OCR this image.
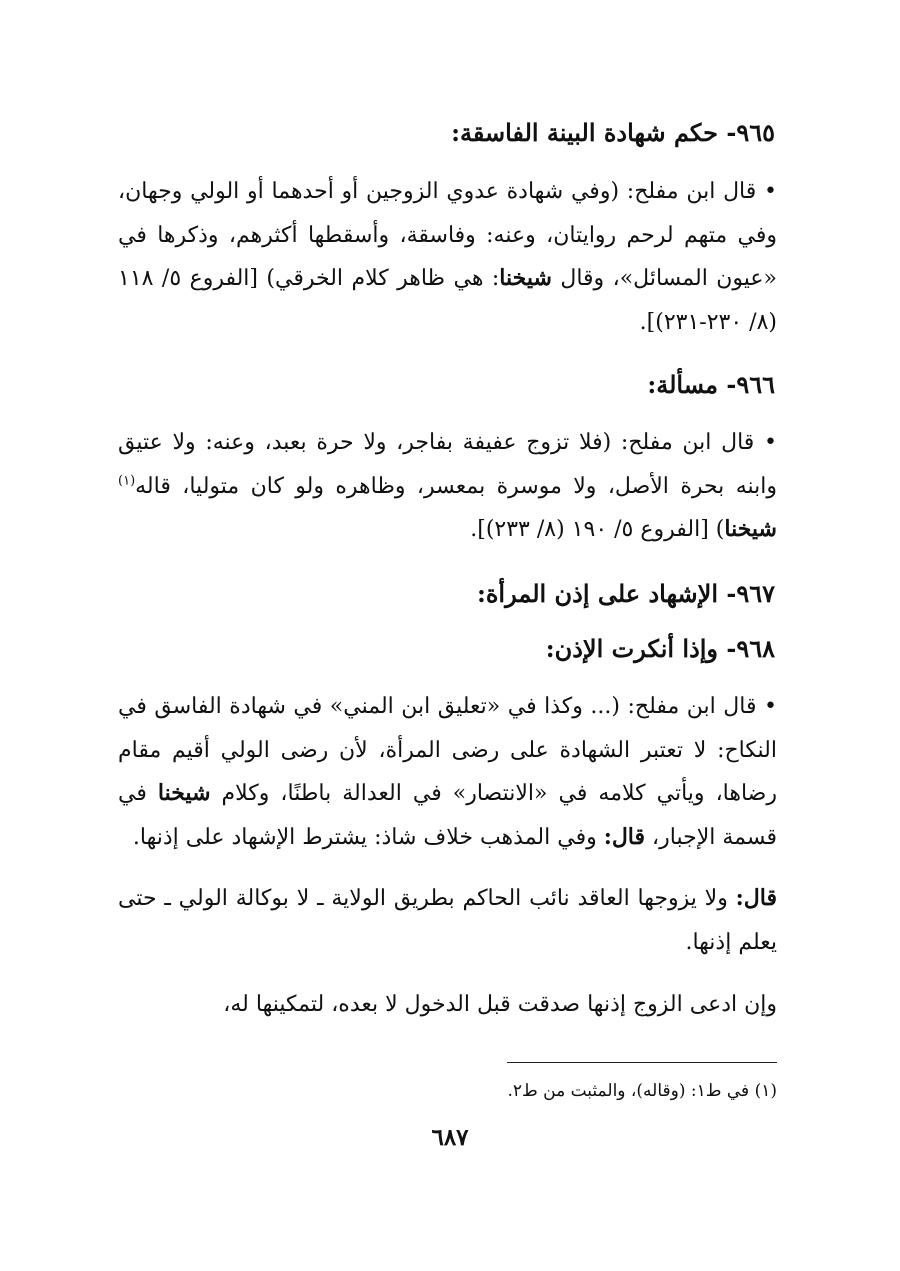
٩٦٥- حكم شهادة البينة الفاسقة:
• قال ابن مفلح: (وفي شهادة عدوي الزوجين أو أحدهما أو الولي وجهان، وفي متهم لرحم روايتان، وعنه: وفاسقة، وأسقطها أكثرهم، وذكرها في «عيون المسائل»، وقال شيخنا: هي ظاهر كلام الخرقي) [الفروع ٥/ ١١٨ (٨/ ٢٣٠-٢٣١)].
٩٦٦- مسألة:
• قال ابن مفلح: (فلا تزوج عفيفة بفاجر، ولا حرة بعبد، وعنه: ولا عتيق وابنه بحرة الأصل، ولا موسرة بمعسر، وظاهره ولو كان متوليا، قاله$^{(١)}$ شيخنا) [الفروع ٥/ ١٩٠ (٨/ ٢٣٣)].
٩٦٧- الإشهاد على إذن المرأة:
٩٦٨- وإذا أنكرت الإذن:
• قال ابن مفلح: (... وكذا في «تعليق ابن المني» في شهادة الفاسق في النكاح: لا تعتبر الشهادة على رضى المرأة، لأن رضى الولي أقيم مقام رضاها، ويأتي كلامه في «الانتصار» في العدالة باطنًا، وكلام شيخنا في قسمة الإجبار، قال: وفي المذهب خلاف شاذ: يشترط الإشهاد على إذنها.
قال: ولا يزوجها العاقد نائب الحاكم بطريق الولاية ـ لا بوكالة الولي ـ حتى يعلم إذنها.
وإن ادعى الزوج إذنها صدقت قبل الدخول لا بعده، لتمكينها له،
(١) في ط١: (وقاله)، والمثبت من ط٢.
٦٨٧
